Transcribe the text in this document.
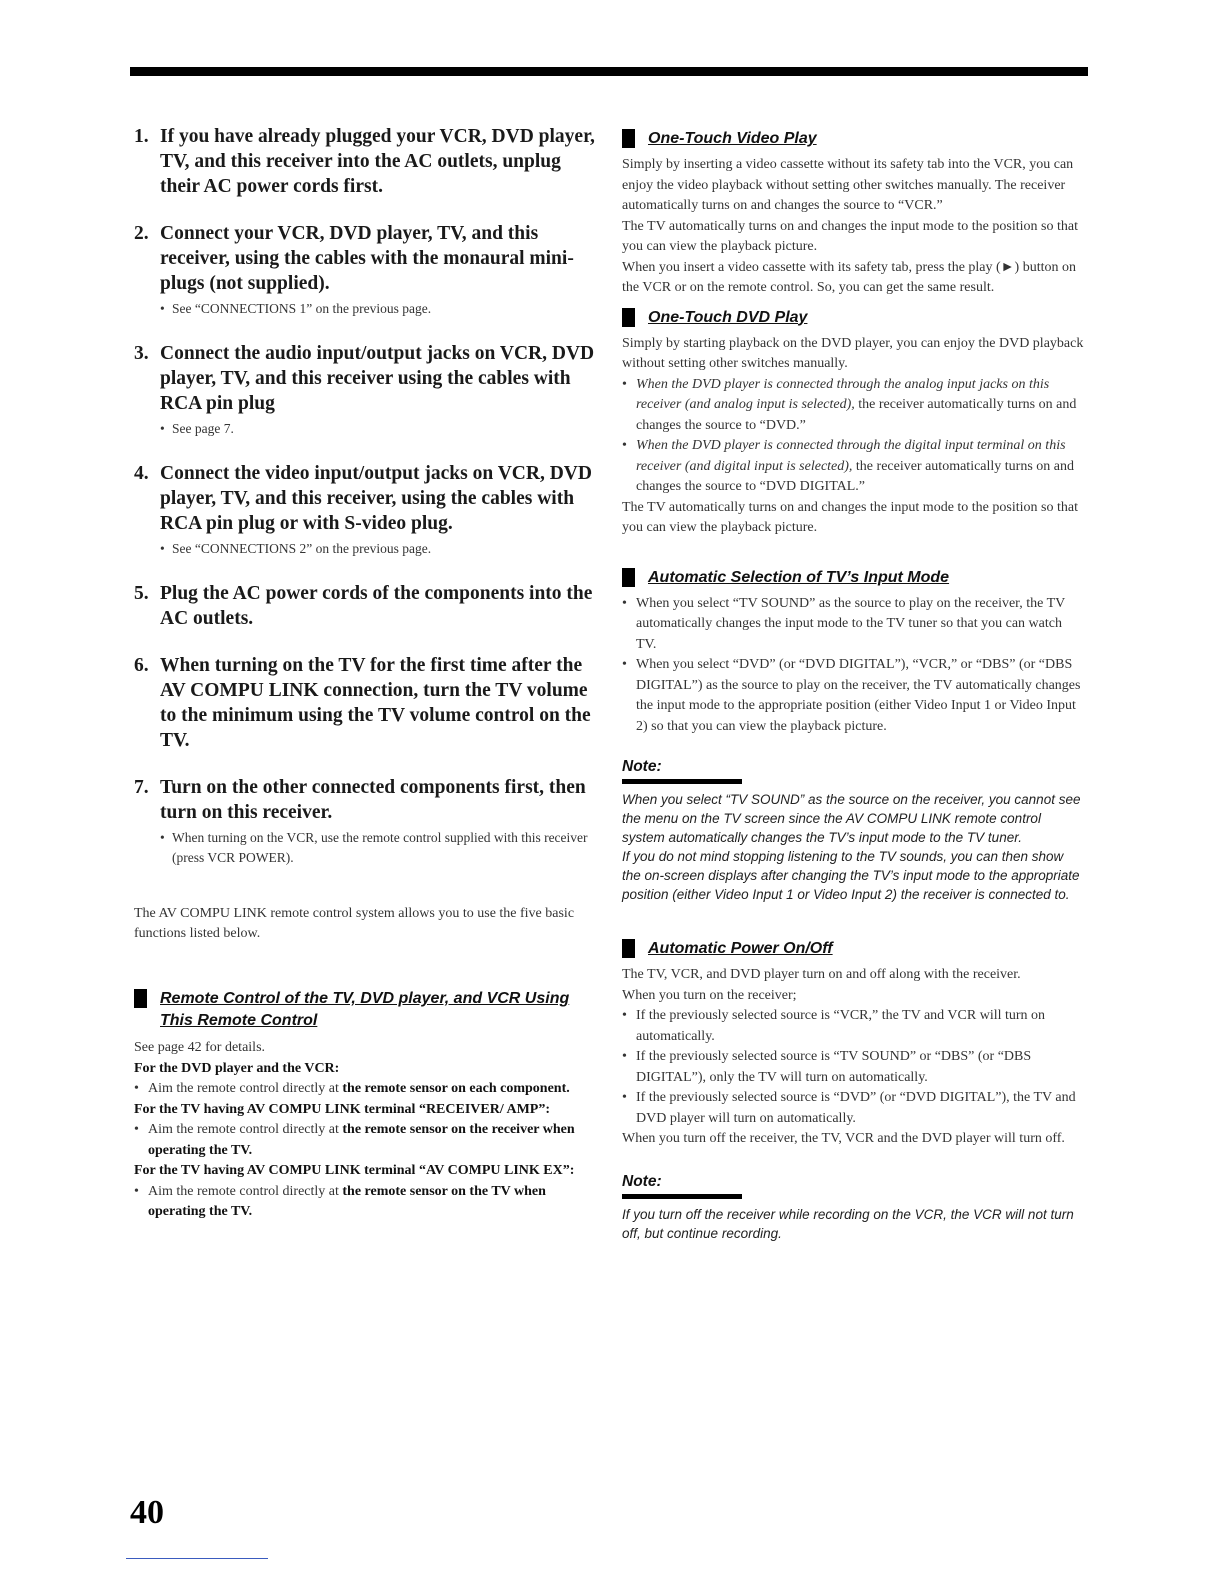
1. If you have already plugged your VCR, DVD player, TV, and this receiver into the AC outlets, unplug their AC power cords first.
2. Connect your VCR, DVD player, TV, and this receiver, using the cables with the monaural mini-plugs (not supplied).
• See “CONNECTIONS 1” on the previous page.
3. Connect the audio input/output jacks on VCR, DVD player, TV, and this receiver using the cables with RCA pin plug
• See page 7.
4. Connect the video input/output jacks on VCR, DVD player, TV, and this receiver, using the cables with RCA pin plug or with S-video plug.
• See “CONNECTIONS 2” on the previous page.
5. Plug the AC power cords of the components into the AC outlets.
6. When turning on the TV for the first time after the AV COMPU LINK connection, turn the TV volume to the minimum using the TV volume control on the TV.
7. Turn on the other connected components first, then turn on this receiver.
• When turning on the VCR, use the remote control supplied with this receiver (press VCR POWER).
The AV COMPU LINK remote control system allows you to use the five basic functions listed below.
Remote Control of the TV, DVD player, and VCR Using This Remote Control
See page 42 for details.
For the DVD player and the VCR:
• Aim the remote control directly at the remote sensor on each component.
For the TV having AV COMPU LINK terminal “RECEIVER/ AMP”:
• Aim the remote control directly at the remote sensor on the receiver when operating the TV.
For the TV having AV COMPU LINK terminal “AV COMPU LINK EX”:
• Aim the remote control directly at the remote sensor on the TV when operating the TV.
One-Touch Video Play
Simply by inserting a video cassette without its safety tab into the VCR, you can enjoy the video playback without setting other switches manually. The receiver automatically turns on and changes the source to “VCR.”
The TV automatically turns on and changes the input mode to the position so that you can view the playback picture.
When you insert a video cassette with its safety tab, press the play (►) button on the VCR or on the remote control. So, you can get the same result.
One-Touch DVD Play
Simply by starting playback on the DVD player, you can enjoy the DVD playback without setting other switches manually.
• When the DVD player is connected through the analog input jacks on this receiver (and analog input is selected), the receiver automatically turns on and changes the source to “DVD.”
• When the DVD player is connected through the digital input terminal on this receiver (and digital input is selected), the receiver automatically turns on and changes the source to “DVD DIGITAL.”
The TV automatically turns on and changes the input mode to the position so that you can view the playback picture.
Automatic Selection of TV’s Input Mode
• When you select “TV SOUND” as the source to play on the receiver, the TV automatically changes the input mode to the TV tuner so that you can watch TV.
• When you select “DVD” (or “DVD DIGITAL”), “VCR,” or “DBS” (or “DBS DIGITAL”) as the source to play on the receiver, the TV automatically changes the input mode to the appropriate position (either Video Input 1 or Video Input 2) so that you can view the playback picture.
Note:
When you select “TV SOUND” as the source on the receiver, you cannot see the menu on the TV screen since the AV COMPU LINK remote control system automatically changes the TV’s input mode to the TV tuner.
If you do not mind stopping listening to the TV sounds, you can then show the on-screen displays after changing the TV’s input mode to the appropriate position (either Video Input 1 or Video Input 2) the receiver is connected to.
Automatic Power On/Off
The TV, VCR, and DVD player turn on and off along with the receiver.
When you turn on the receiver;
• If the previously selected source is “VCR,” the TV and VCR will turn on automatically.
• If the previously selected source is “TV SOUND” or “DBS” (or “DBS DIGITAL”), only the TV will turn on automatically.
• If the previously selected source is “DVD” (or “DVD DIGITAL”), the TV and DVD player will turn on automatically.
When you turn off the receiver, the TV, VCR and the DVD player will turn off.
Note:
If you turn off the receiver while recording on the VCR, the VCR will not turn off, but continue recording.
40
